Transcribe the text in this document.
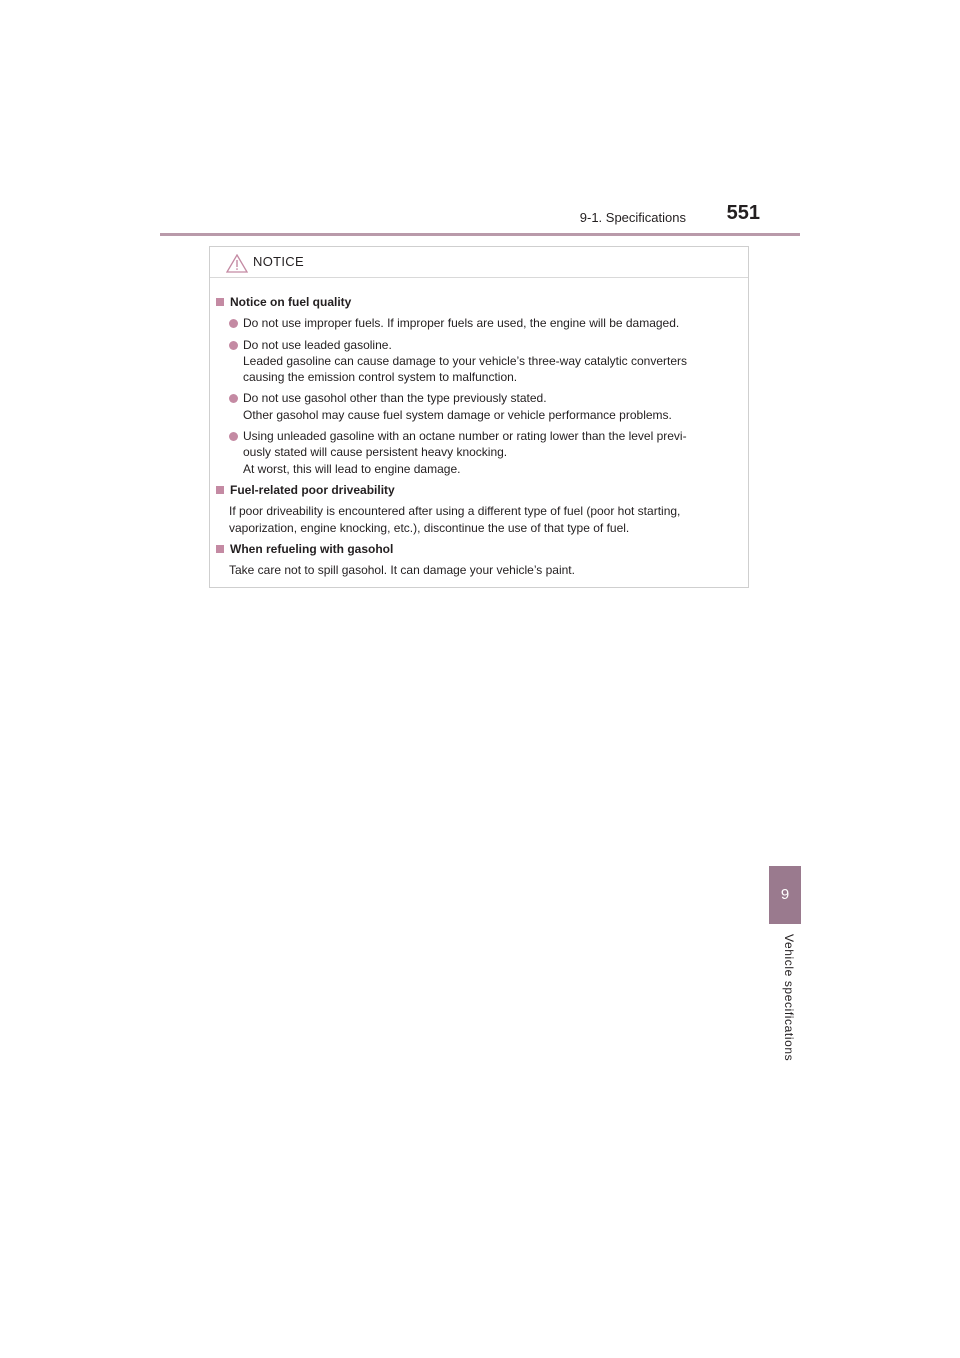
9-1. Specifications 551
NOTICE
Notice on fuel quality
Do not use improper fuels. If improper fuels are used, the engine will be damaged.
Do not use leaded gasoline.
Leaded gasoline can cause damage to your vehicle’s three-way catalytic converters
causing the emission control system to malfunction.
Do not use gasohol other than the type previously stated.
Other gasohol may cause fuel system damage or vehicle performance problems.
Using unleaded gasoline with an octane number or rating lower than the level previ-
ously stated will cause persistent heavy knocking.
At worst, this will lead to engine damage.
Fuel-related poor driveability
If poor driveability is encountered after using a different type of fuel (poor hot starting,
vaporization, engine knocking, etc.), discontinue the use of that type of fuel.
When refueling with gasohol
Take care not to spill gasohol. It can damage your vehicle’s paint.
9
Vehicle specifications
